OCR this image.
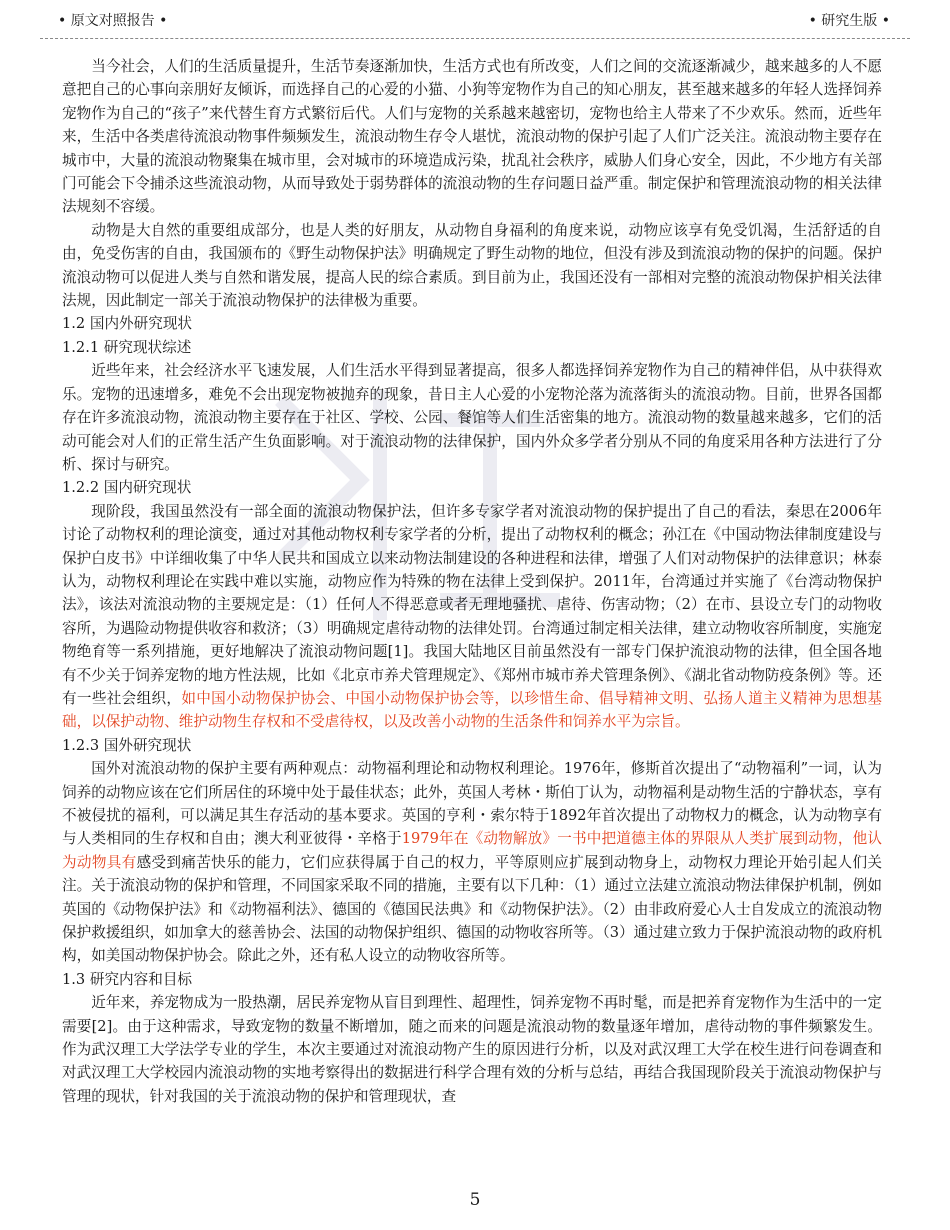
• 原文对照报告 •	• 研究生版 •

当今社会，人们的生活质量提升，生活节奏逐渐加快，生活方式也有所改变，人们之间的交流逐渐减少，越来越多的人不愿意把自己的心事向亲朋好友倾诉，而选择自己的心爱的小猫、小狗等宠物作为自己的知心朋友，甚至越来越多的年轻人选择饲养宠物作为自己的“孩子”来代替生育方式繁衍后代。人们与宠物的关系越来越密切，宠物也给主人带来了不少欢乐。然而，近些年来，生活中各类虐待流浪动物事件频频发生，流浪动物生存令人堪忧，流浪动物的保护引起了人们广泛关注。流浪动物主要存在城市中，大量的流浪动物聚集在城市里，会对城市的环境造成污染，扰乱社会秩序，威胁人们身心安全，因此，不少地方有关部门可能会下令捕杀这些流浪动物，从而导致处于弱势群体的流浪动物的生存问题日益严重。制定保护和管理流浪动物的相关法律法规刻不容缓。

动物是大自然的重要组成部分，也是人类的好朋友，从动物自身福利的角度来说，动物应该享有免受饥渴，生活舒适的自由，免受伤害的自由，我国颁布的《野生动物保护法》明确规定了野生动物的地位，但没有涉及到流浪动物的保护的问题。保护流浪动物可以促进人类与自然和谐发展，提高人民的综合素质。到目前为止，我国还没有一部相对完整的流浪动物保护相关法律法规，因此制定一部关于流浪动物保护的法律极为重要。

1.2 国内外研究现状

1.2.1 研究现状综述

近些年来，社会经济水平飞速发展，人们生活水平得到显著提高，很多人都选择饲养宠物作为自己的精神伴侣，从中获得欢乐。宠物的迅速增多，难免不会出现宠物被抛弃的现象，昔日主人心爱的小宠物沦落为流落街头的流浪动物。目前，世界各国都存在许多流浪动物，流浪动物主要存在于社区、学校、公园、餐馆等人们生活密集的地方。流浪动物的数量越来越多，它们的活动可能会对人们的正常生活产生负面影响。对于流浪动物的法律保护，国内外众多学者分别从不同的角度采用各种方法进行了分析、探讨与研究。

1.2.2 国内研究现状

现阶段，我国虽然没有一部全面的流浪动物保护法，但许多专家学者对流浪动物的保护提出了自己的看法，秦思在2006年讨论了动物权利的理论演变，通过对其他动物权利专家学者的分析，提出了动物权利的概念；孙江在《中国动物法律制度建设与保护白皮书》中详细收集了中华人民共和国成立以来动物法制建设的各种进程和法律，增强了人们对动物保护的法律意识；林泰认为，动物权利理论在实践中难以实施，动物应作为特殊的物在法律上受到保护。2011年，台湾通过并实施了《台湾动物保护法》，该法对流浪动物的主要规定是：（1）任何人不得恶意或者无理地骚扰、虐待、伤害动物；（2）在市、县设立专门的动物收容所，为遇险动物提供收容和救济；（3）明确规定虐待动物的法律处罚。台湾通过制定相关法律，建立动物收容所制度，实施宠物绝育等一系列措施，更好地解决了流浪动物问题[1]。我国大陆地区目前虽然没有一部专门保护流浪动物的法律，但全国各地有不少关于饲养宠物的地方性法规，比如《北京市养犬管理规定》、《郑州市城市养犬管理条例》、《湖北省动物防疫条例》等。还有一些社会组织，如中国小动物保护协会、中国小动物保护协会等，以珍惜生命、倡导精神文明、弘扬人道主义精神为思想基础，以保护动物、维护动物生存权和不受虐待权，以及改善小动物的生活条件和饲养水平为宗旨。

1.2.3 国外研究现状

国外对流浪动物的保护主要有两种观点：动物福利理论和动物权利理论。1976年，修斯首次提出了“动物福利”一词，认为饲养的动物应该在它们所居住的环境中处于最佳状态；此外，英国人考林・斯伯丁认为，动物福利是动物生活的宁静状态，享有不被侵扰的福利，可以满足其生存活动的基本要求。英国的亨利・索尔特于1892年首次提出了动物权力的概念，认为动物享有与人类相同的生存权和自由；澳大利亚彼得・辛格于1979年在《动物解放》一书中把道德主体的界限从人类扩展到动物，他认为动物具有感受到痛苦快乐的能力，它们应获得属于自己的权力，平等原则应扩展到动物身上，动物权力理论开始引起人们关注。关于流浪动物的保护和管理，不同国家采取不同的措施，主要有以下几种：（1）通过立法建立流浪动物法律保护机制，例如英国的《动物保护法》和《动物福利法》、德国的《德国民法典》和《动物保护法》。（2）由非政府爱心人士自发成立的流浪动物保护救援组织，如加拿大的慈善协会、法国的动物保护组织、德国的动物收容所等。（3）通过建立致力于保护流浪动物的政府机构，如美国动物保护协会。除此之外，还有私人设立的动物收容所等。

1.3 研究内容和目标

近年来，养宠物成为一股热潮，居民养宠物从盲目到理性、超理性，饲养宠物不再时髦，而是把养育宠物作为生活中的一定需要[2]。由于这种需求，导致宠物的数量不断增加，随之而来的问题是流浪动物的数量逐年增加，虐待动物的事件频繁发生。作为武汉理工大学法学专业的学生，本次主要通过对流浪动物产生的原因进行分析，以及对武汉理工大学在校生进行问卷调查和对武汉理工大学校园内流浪动物的实地考察得出的数据进行科学合理有效的分析与总结，再结合我国现阶段关于流浪动物保护与管理的现状，针对我国的关于流浪动物的保护和管理现状，查

5
